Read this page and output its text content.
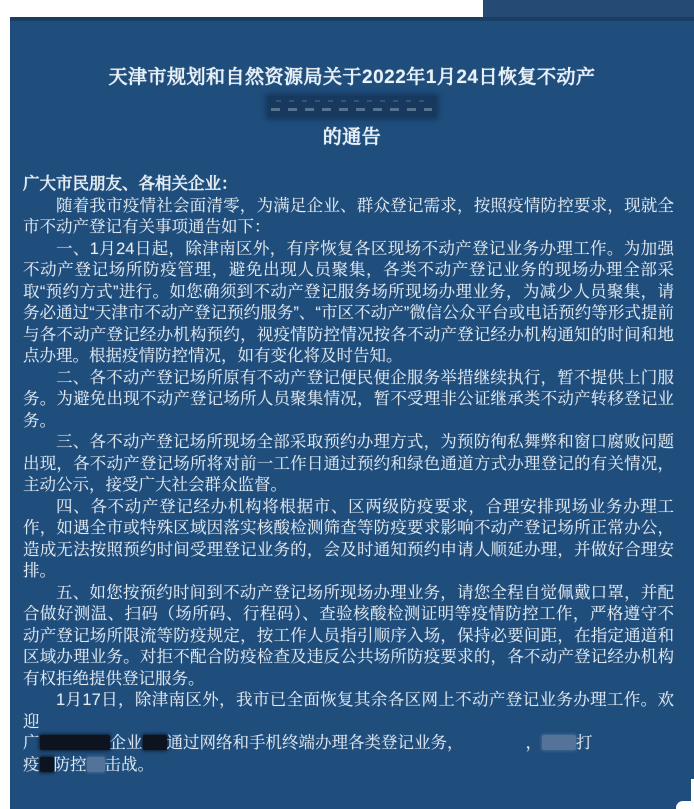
天津市规划和自然资源局关于2022年1月24日恢复不动产
的通告

广大市民朋友、各相关企业：

随着我市疫情社会面清零，为满足企业、群众登记需求，按照疫情防控要求，现就全市不动产登记有关事项通告如下：

一、1月24日起，除津南区外，有序恢复各区现场不动产登记业务办理工作。为加强不动产登记场所防疫管理，避免出现人员聚集，各类不动产登记业务的现场办理全部采取“预约方式”进行。如您确须到不动产登记服务场所现场办理业务，为减少人员聚集，请务必通过“天津市不动产登记预约服务”、“市区不动产”微信公众平台或电话预约等形式提前与各不动产登记经办机构预约，视疫情防控情况按各不动产登记经办机构通知的时间和地点办理。根据疫情防控情况，如有变化将及时告知。

二、各不动产登记场所原有不动产登记便民便企服务举措继续执行，暂不提供上门服务。为避免出现不动产登记场所人员聚集情况，暂不受理非公证继承类不动产转移登记业务。

三、各不动产登记场所现场全部采取预约办理方式，为预防徇私舞弊和窗口腐败问题出现，各不动产登记场所将对前一工作日通过预约和绿色通道方式办理登记的有关情况，主动公示，接受广大社会群众监督。

四、各不动产登记经办机构将根据市、区两级防疫要求，合理安排现场业务办理工作，如遇全市或特殊区域因落实核酸检测筛查等防疫要求影响不动产登记场所正常办公，造成无法按照预约时间受理登记业务的，会及时通知预约申请人顺延办理，并做好合理安排。

五、如您按预约时间到不动产登记场所现场办理业务，请您全程自觉佩戴口罩，并配合做好测温、扫码（场所码、行程码）、查验核酸检测证明等疫情防控工作，严格遵守不动产登记场所限流等防疫规定，按工作人员指引顺序入场，保持必要间距，在指定通道和区域办理业务。对拒不配合防疫检查及违反公共场所防疫要求的，各不动产登记经办机构有权拒绝提供登记服务。

1月17日，除津南区外，我市已全面恢复其余各区网上不动产登记业务办理工作。欢迎
广	企业 通过网络和手机终端办理各类登记业务，	， 打
疫 防控 击战。
